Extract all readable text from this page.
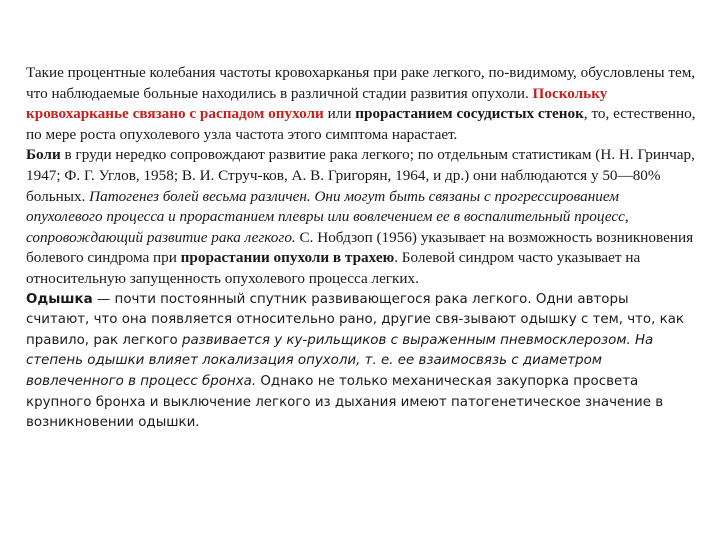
Такие процентные колебания частоты кровохарканья при раке легкого, по-видимому, обусловлены тем, что наблюдаемые больные находились в различной стадии развития опухоли. Поскольку кровохарканье связано с распадом опухоли или прорастанием сосудистых стенок, то, естественно, по мере роста опухолевого узла частота этого симптома нарастает.

Боли в груди нередко сопровождают развитие рака легкого; по отдельным статистикам (Н. Н. Гринчар, 1947; Ф. Г. Углов, 1958; В. И. Струч-ков, А. В. Григорян, 1964, и др.) они наблюдаются у 50—80% больных. Патогенез болей весьма различен. Они могут быть связаны с прогрессированием опухолевого процесса и прорастанием плевры или вовлечением ее в воспалительный процесс, сопровождающий развитие рака легкого. С. Нобдзоп (1956) указывает на возможность возникновения болевого синдрома при прорастании опухоли в трахею. Болевой синдром часто указывает на относительную запущенность опухолевого процесса легких.

Одышка — почти постоянный спутник развивающегося рака легкого. Одни авторы считают, что она появляется относительно рано, другие свя-зывают одышку с тем, что, как правило, рак легкого развивается у ку-рильщиков с выраженным пневмосклерозом. На степень одышки влияет локализация опухоли, т. е. ее взаимосвязь с диаметром вовлеченного в процесс бронха. Однако не только механическая закупорка просвета крупного бронха и выключение легкого из дыхания имеют патогенетическое значение в возникновении одышки.
